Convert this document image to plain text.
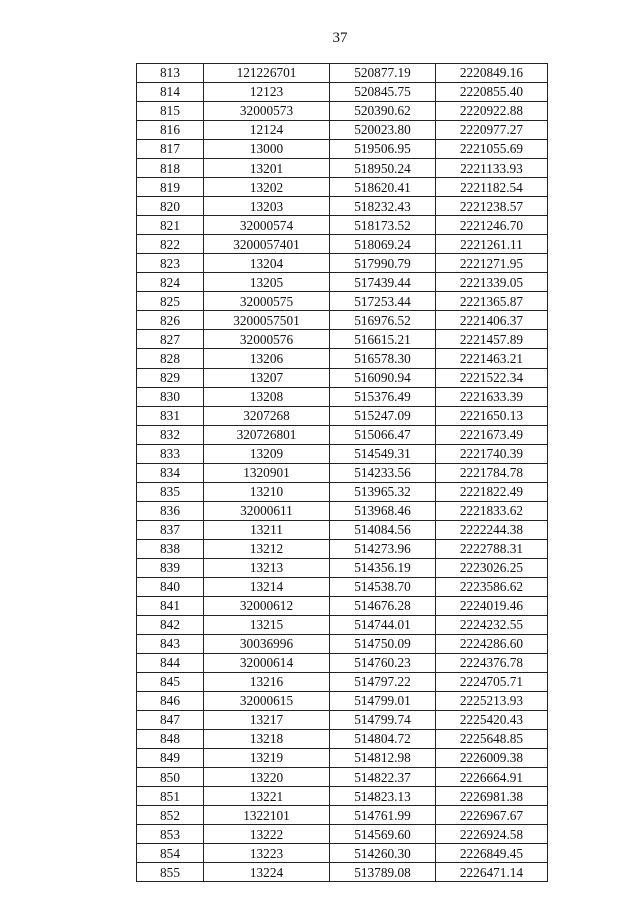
37
813	121226701	520877.19	2220849.16
814	12123	520845.75	2220855.40
815	32000573	520390.62	2220922.88
816	12124	520023.80	2220977.27
817	13000	519506.95	2221055.69
818	13201	518950.24	2221133.93
819	13202	518620.41	2221182.54
820	13203	518232.43	2221238.57
821	32000574	518173.52	2221246.70
822	3200057401	518069.24	2221261.11
823	13204	517990.79	2221271.95
824	13205	517439.44	2221339.05
825	32000575	517253.44	2221365.87
826	3200057501	516976.52	2221406.37
827	32000576	516615.21	2221457.89
828	13206	516578.30	2221463.21
829	13207	516090.94	2221522.34
830	13208	515376.49	2221633.39
831	3207268	515247.09	2221650.13
832	320726801	515066.47	2221673.49
833	13209	514549.31	2221740.39
834	1320901	514233.56	2221784.78
835	13210	513965.32	2221822.49
836	32000611	513968.46	2221833.62
837	13211	514084.56	2222244.38
838	13212	514273.96	2222788.31
839	13213	514356.19	2223026.25
840	13214	514538.70	2223586.62
841	32000612	514676.28	2224019.46
842	13215	514744.01	2224232.55
843	30036996	514750.09	2224286.60
844	32000614	514760.23	2224376.78
845	13216	514797.22	2224705.71
846	32000615	514799.01	2225213.93
847	13217	514799.74	2225420.43
848	13218	514804.72	2225648.85
849	13219	514812.98	2226009.38
850	13220	514822.37	2226664.91
851	13221	514823.13	2226981.38
852	1322101	514761.99	2226967.67
853	13222	514569.60	2226924.58
854	13223	514260.30	2226849.45
855	13224	513789.08	2226471.14
